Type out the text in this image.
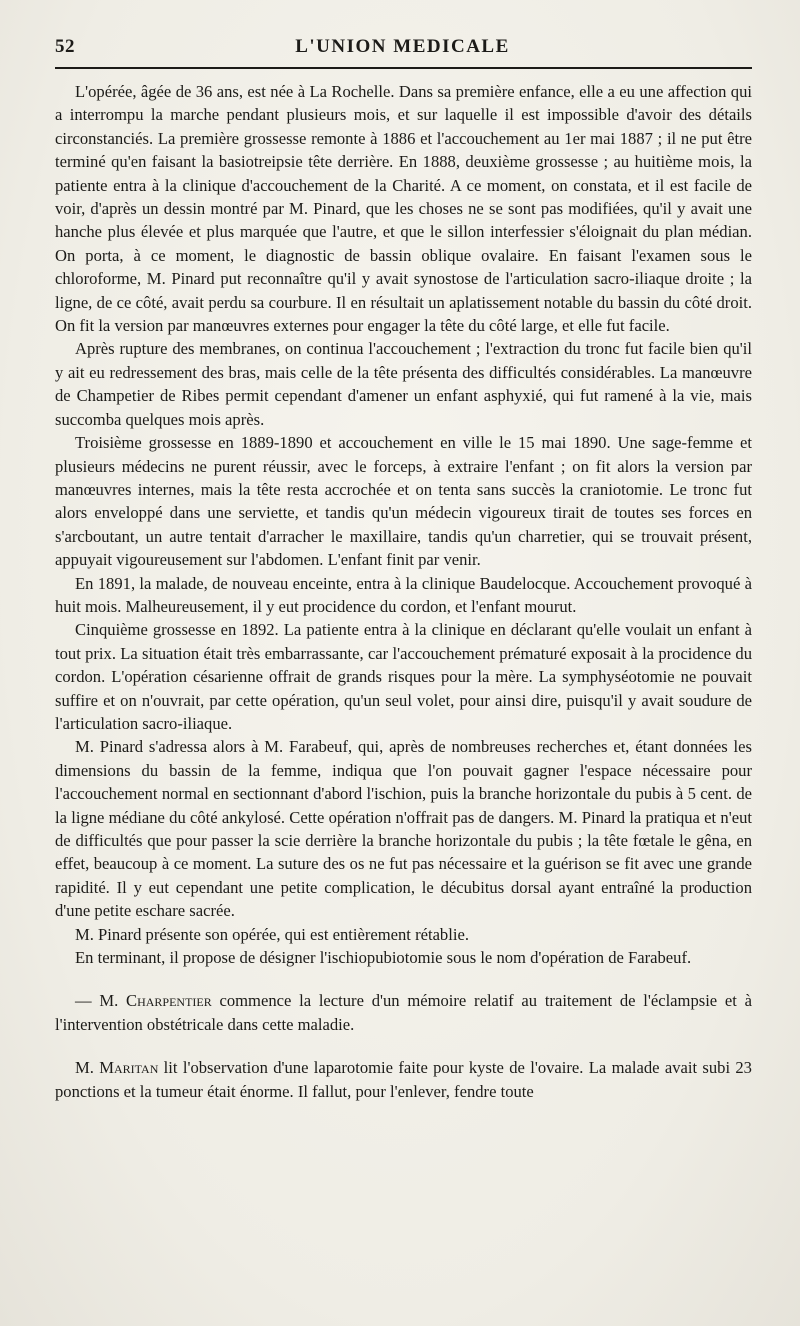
52	L'UNION MEDICALE

L'opérée, âgée de 36 ans, est née à La Rochelle. Dans sa première enfance, elle a eu une affection qui a interrompu la marche pendant plusieurs mois, et sur laquelle il est impossible d'avoir des détails circonstanciés. La première grossesse remonte à 1886 et l'accouchement au 1er mai 1887 ; il ne put être terminé qu'en faisant la basiotreipsie tête derrière. En 1888, deuxième grossesse ; au huitième mois, la patiente entra à la clinique d'accouchement de la Charité. A ce moment, on constata, et il est facile de voir, d'après un dessin montré par M. Pinard, que les choses ne se sont pas modifiées, qu'il y avait une hanche plus élevée et plus marquée que l'autre, et que le sillon interfessier s'éloignait du plan médian. On porta, à ce moment, le diagnostic de bassin oblique ovalaire. En faisant l'examen sous le chloroforme, M. Pinard put reconnaître qu'il y avait synostose de l'articulation sacro-iliaque droite ; la ligne, de ce côté, avait perdu sa courbure. Il en résultait un aplatissement notable du bassin du côté droit. On fit la version par manœuvres externes pour engager la tête du côté large, et elle fut facile.

Après rupture des membranes, on continua l'accouchement ; l'extraction du tronc fut facile bien qu'il y ait eu redressement des bras, mais celle de la tête présenta des difficultés considérables. La manœuvre de Champetier de Ribes permit cependant d'amener un enfant asphyxié, qui fut ramené à la vie, mais succomba quelques mois après.

Troisième grossesse en 1889-1890 et accouchement en ville le 15 mai 1890. Une sage-femme et plusieurs médecins ne purent réussir, avec le forceps, à extraire l'enfant ; on fit alors la version par manœuvres internes, mais la tête resta accrochée et on tenta sans succès la craniotomie. Le tronc fut alors enveloppé dans une serviette, et tandis qu'un médecin vigoureux tirait de toutes ses forces en s'arcboutant, un autre tentait d'arracher le maxillaire, tandis qu'un charretier, qui se trouvait présent, appuyait vigoureusement sur l'abdomen. L'enfant finit par venir.

En 1891, la malade, de nouveau enceinte, entra à la clinique Baudelocque. Accouchement provoqué à huit mois. Malheureusement, il y eut procidence du cordon, et l'enfant mourut.

Cinquième grossesse en 1892. La patiente entra à la clinique en déclarant qu'elle voulait un enfant à tout prix. La situation était très embarrassante, car l'accouchement prématuré exposait à la procidence du cordon. L'opération césarienne offrait de grands risques pour la mère. La symphyséotomie ne pouvait suffire et on n'ouvrait, par cette opération, qu'un seul volet, pour ainsi dire, puisqu'il y avait soudure de l'articulation sacro-iliaque.

M. Pinard s'adressa alors à M. Farabeuf, qui, après de nombreuses recherches et, étant données les dimensions du bassin de la femme, indiqua que l'on pouvait gagner l'espace nécessaire pour l'accouchement normal en sectionnant d'abord l'ischion, puis la branche horizontale du pubis à 5 cent. de la ligne médiane du côté ankylosé. Cette opération n'offrait pas de dangers. M. Pinard la pratiqua et n'eut de difficultés que pour passer la scie derrière la branche horizontale du pubis ; la tête fœtale le gêna, en effet, beaucoup à ce moment. La suture des os ne fut pas nécessaire et la guérison se fit avec une grande rapidité. Il y eut cependant une petite complication, le décubitus dorsal ayant entraîné la production d'une petite eschare sacrée.

M. Pinard présente son opérée, qui est entièrement rétablie.

En terminant, il propose de désigner l'ischiopubiotomie sous le nom d'opération de Farabeuf.

— M. Charpentier commence la lecture d'un mémoire relatif au traitement de l'éclampsie et à l'intervention obstétricale dans cette maladie.

M. Maritan lit l'observation d'une laparotomie faite pour kyste de l'ovaire. La malade avait subi 23 ponctions et la tumeur était énorme. Il fallut, pour l'enlever, fendre toute
